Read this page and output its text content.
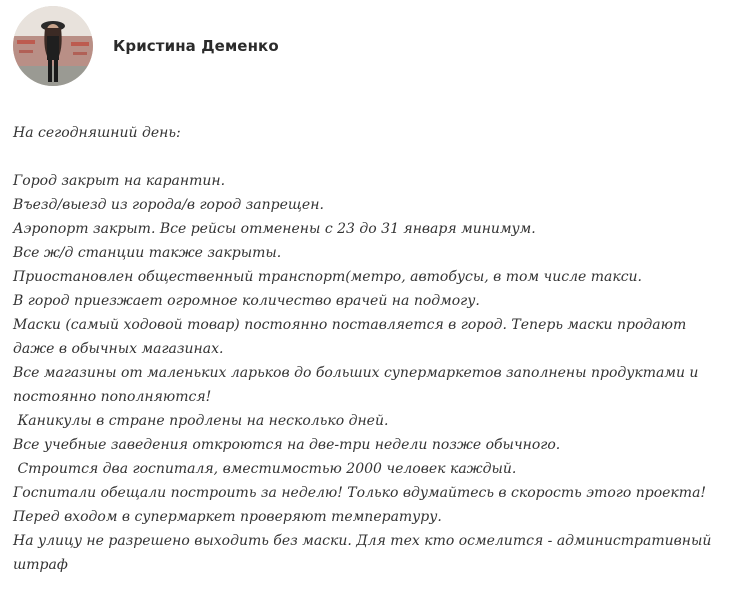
Кристина Деменко
На сегодняшний день:
Город закрыт на карантин.
Въезд/выезд из города/в город запрещен.
Аэропорт закрыт. Все рейсы отменены с 23 до 31 января минимум.
Все ж/д станции также закрыты.
Приостановлен общественный транспорт(метро, автобусы, в том числе такси.
В город приезжает огромное количество врачей на подмогу.
Маски (самый ходовой товар) постоянно поставляется в город. Теперь маски продают
даже в обычных магазинах.
Все магазины от маленьких ларьков до больших супермаркетов заполнены продуктами и
постоянно пополняются!
Каникулы в стране продлены на несколько дней.
Все учебные заведения откроются на две-три недели позже обычного.
Строится два госпиталя, вместимостью 2000 человек каждый.
Госпитали обещали построить за неделю! Только вдумайтесь в скорость этого проекта!
Перед входом в супермаркет проверяют температуру.
На улицу не разрешено выходить без маски. Для тех кто осмелится - административный
штраф
